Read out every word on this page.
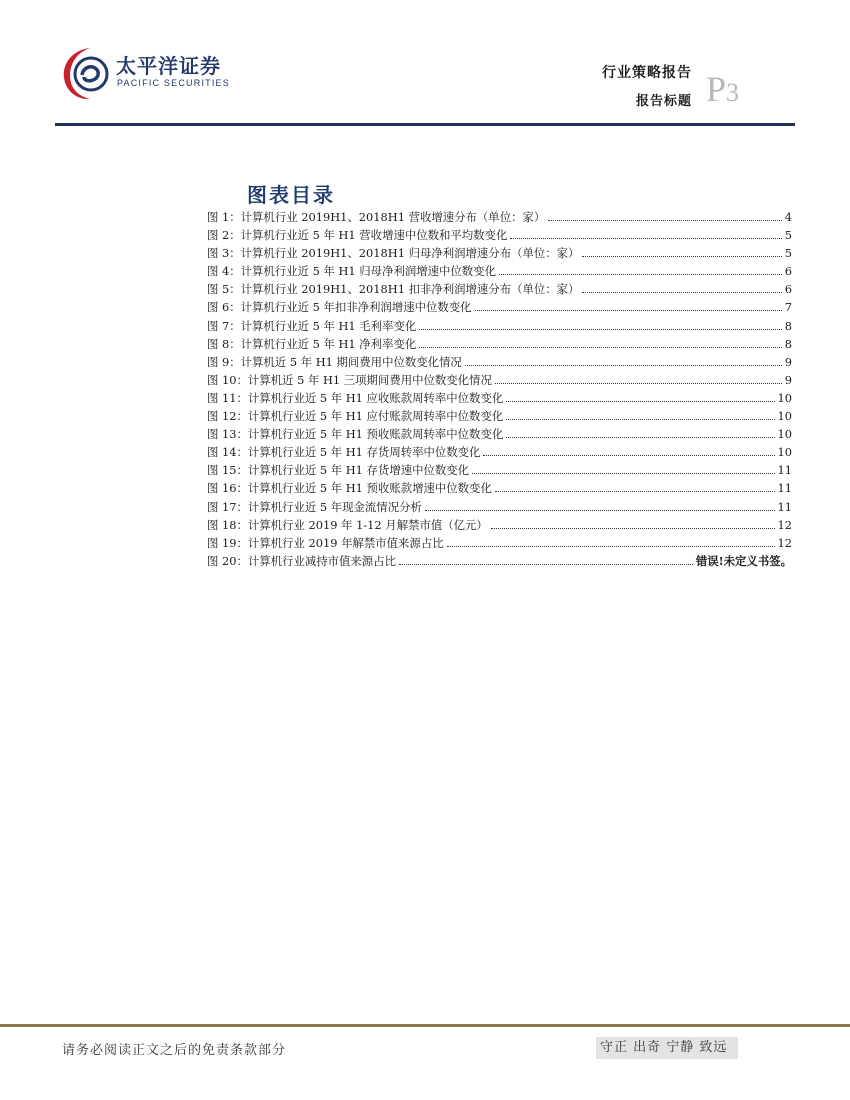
太平洋证券
PACIFIC SECURITIES
行业策略报告
报告标题 P3
图表目录
图 1：计算机行业 2019H1、2018H1 营收增速分布（单位：家）	4
图 2：计算机行业近 5 年 H1 营收增速中位数和平均数变化	5
图 3：计算机行业 2019H1、2018H1 归母净利润增速分布（单位：家）	5
图 4：计算机行业近 5 年 H1 归母净利润增速中位数变化	6
图 5：计算机行业 2019H1、2018H1 扣非净利润增速分布（单位：家）	6
图 6：计算机行业近 5 年扣非净利润增速中位数变化	7
图 7：计算机行业近 5 年 H1 毛利率变化	8
图 8：计算机行业近 5 年 H1 净利率变化	8
图 9：计算机近 5 年 H1 期间费用中位数变化情况	9
图 10：计算机近 5 年 H1 三项期间费用中位数变化情况	9
图 11：计算机行业近 5 年 H1 应收账款周转率中位数变化	10
图 12：计算机行业近 5 年 H1 应付账款周转率中位数变化	10
图 13：计算机行业近 5 年 H1 预收账款周转率中位数变化	10
图 14：计算机行业近 5 年 H1 存货周转率中位数变化	10
图 15：计算机行业近 5 年 H1 存货增速中位数变化	11
图 16：计算机行业近 5 年 H1 预收账款增速中位数变化	11
图 17：计算机行业近 5 年现金流情况分析	11
图 18：计算机行业 2019 年 1-12 月解禁市值（亿元）	12
图 19：计算机行业 2019 年解禁市值来源占比	12
图 20：计算机行业减持市值来源占比	错误!未定义书签。
请务必阅读正文之后的免责条款部分	守正 出奇 宁静 致远
